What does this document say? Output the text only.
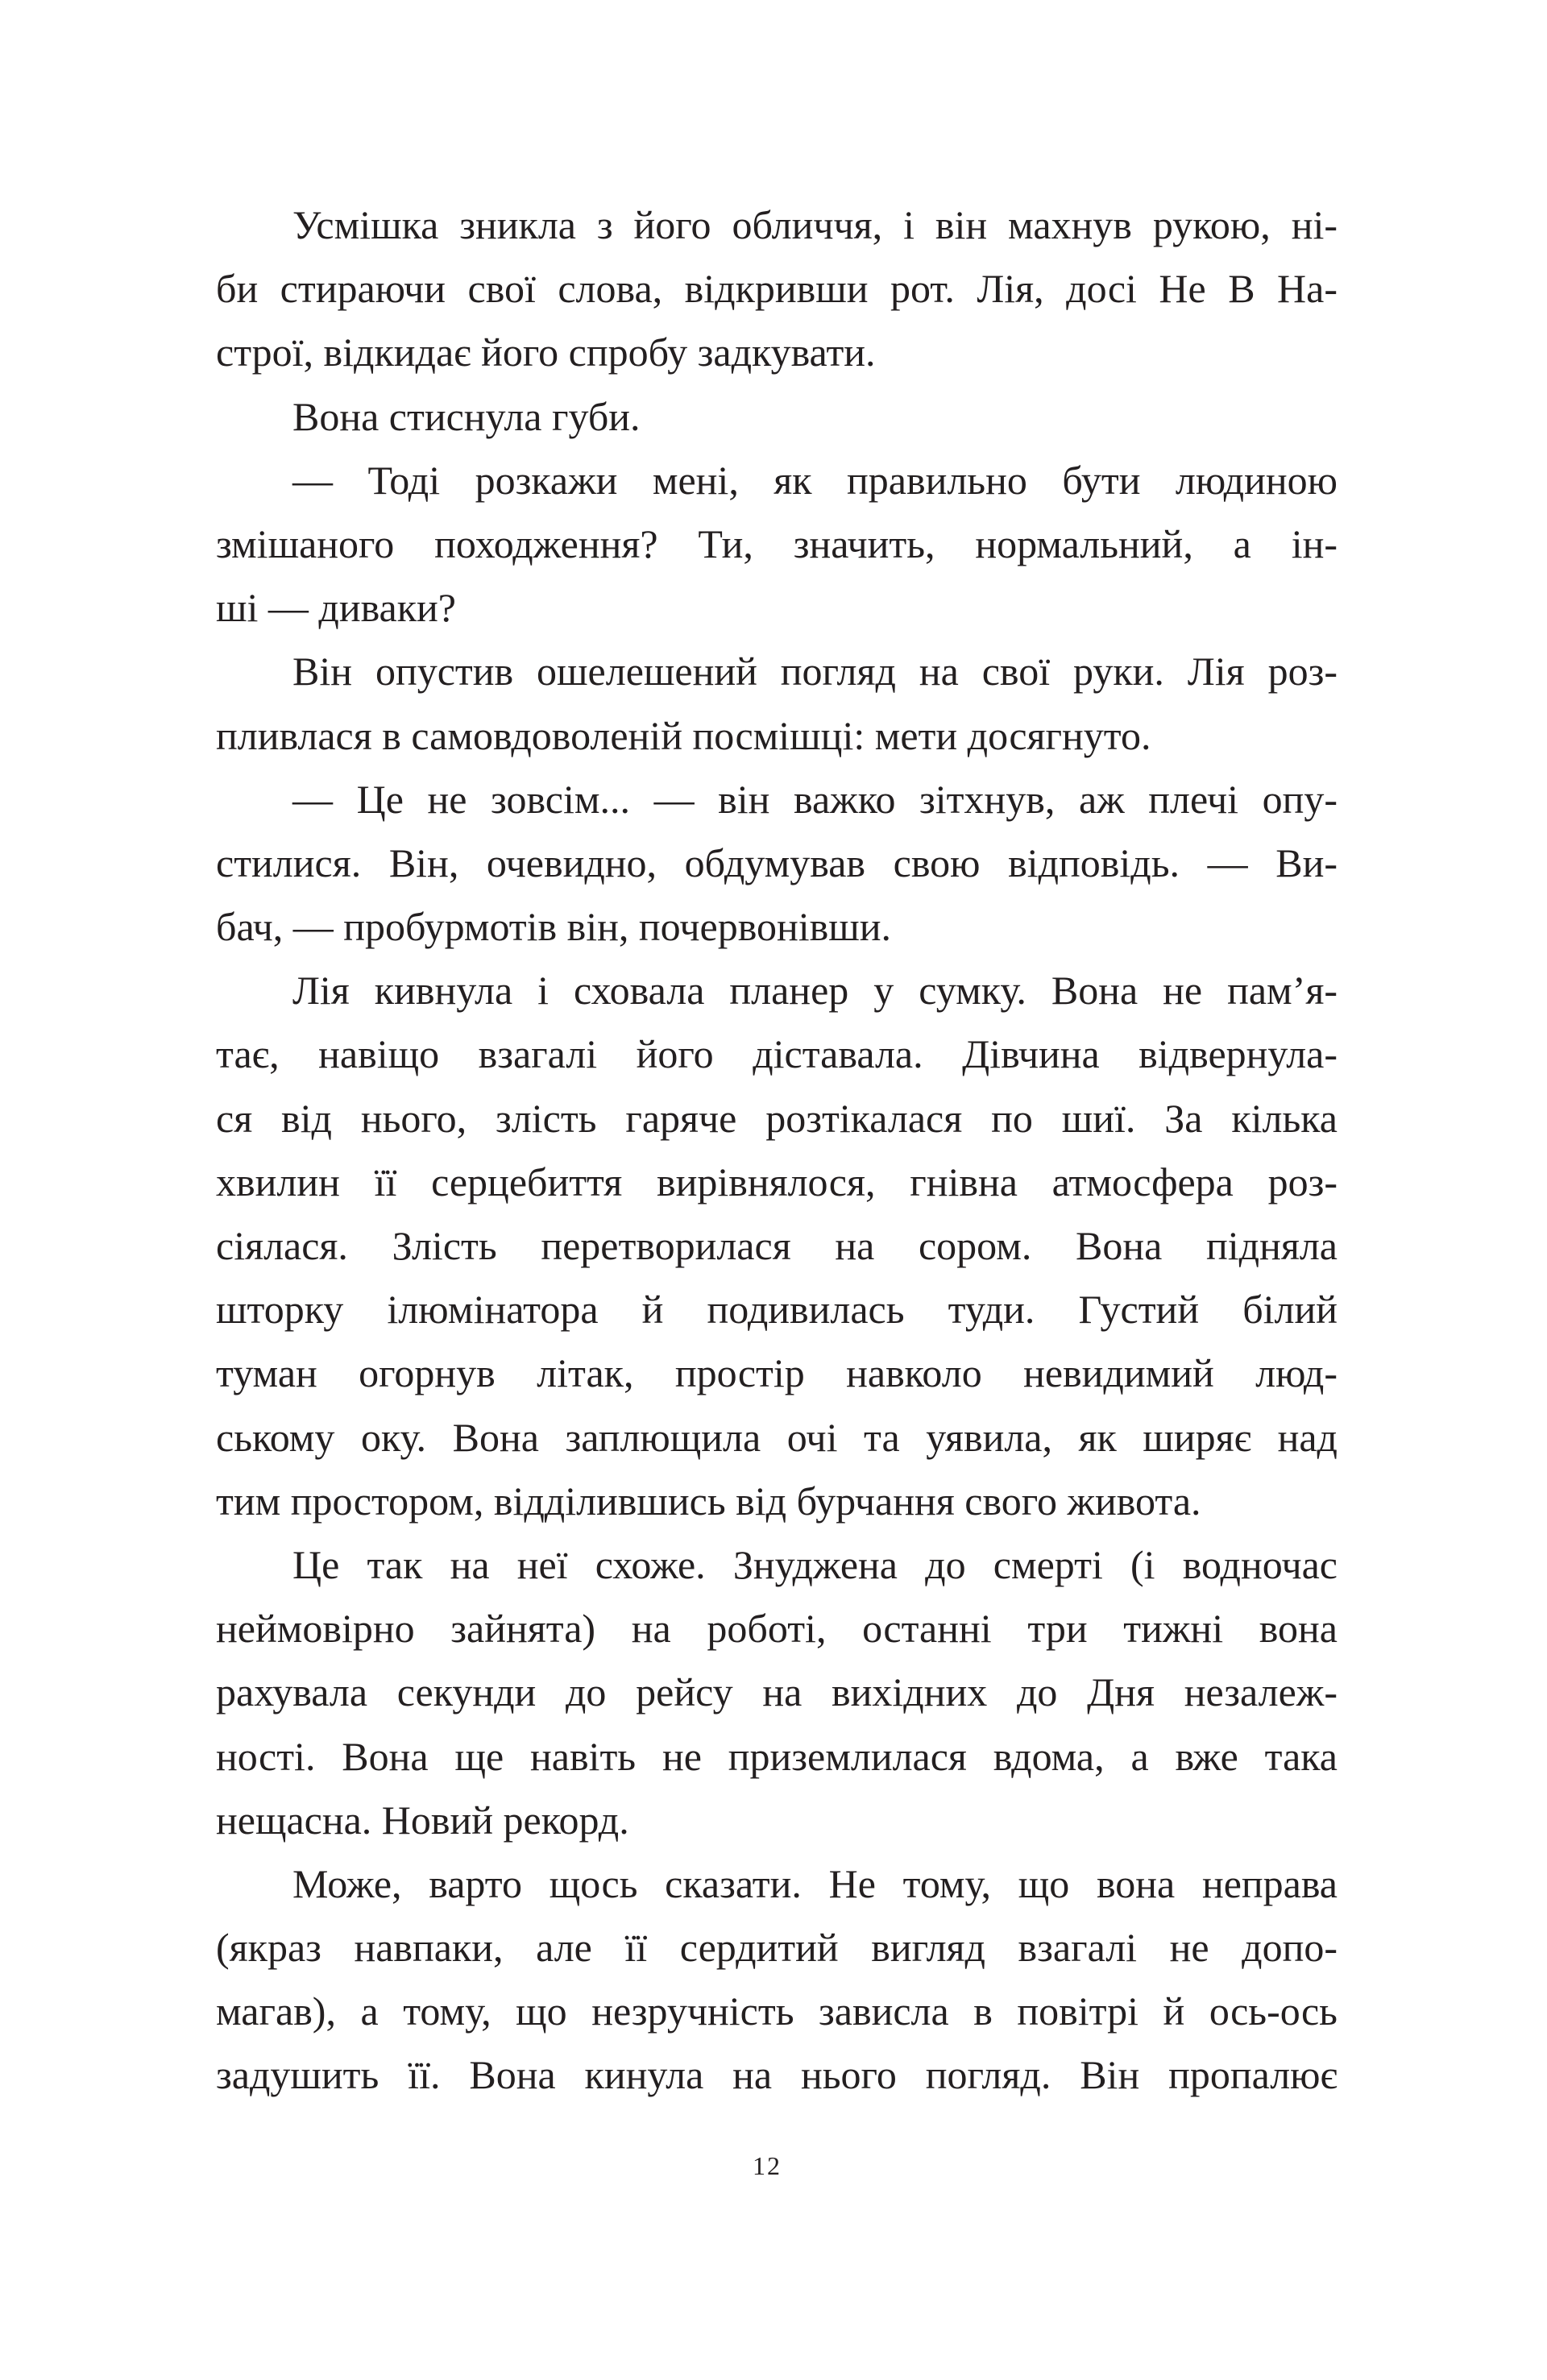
Усмішка зникла з його обличчя, і він махнув рукою, ні-
би стираючи свої слова, відкривши рот. Лія, досі Не В На-
строї, відкидає його спробу задкувати.
Вона стиснула губи.
— Тоді розкажи мені, як правильно бути людиною
змішаного походження? Ти, значить, нормальний, а ін-
ші — диваки?
Він опустив ошелешений погляд на свої руки. Лія роз-
пливлася в самовдоволеній посмішці: мети досягнуто.
— Це не зовсім... — він важко зітхнув, аж плечі опу-
стилися. Він, очевидно, обдумував свою відповідь. — Ви-
бач, — пробурмотів він, почервонівши.
Лія кивнула і сховала планер у сумку. Вона не пам’я-
тає, навіщо взагалі його діставала. Дівчина відвернула-
ся від нього, злість гаряче розтікалася по шиї. За кілька
хвилин її серцебиття вирівнялося, гнівна атмосфера роз-
сіялася. Злість перетворилася на сором. Вона підняла
шторку ілюмінатора й подивилась туди. Густий білий
туман огорнув літак, простір навколо невидимий люд-
ському оку. Вона заплющила очі та уявила, як ширяє над
тим простором, відділившись від бурчання свого живота.
Це так на неї схоже. Знуджена до смерті (і водночас
неймовірно зайнята) на роботі, останні три тижні вона
рахувала секунди до рейсу на вихідних до Дня незалеж-
ності. Вона ще навіть не приземлилася вдома, а вже така
нещасна. Новий рекорд.
Може, варто щось сказати. Не тому, що вона неправа
(якраз навпаки, але її сердитий вигляд взагалі не допо-
магав), а тому, що незручність зависла в повітрі й ось-ось
задушить її. Вона кинула на нього погляд. Він пропалює
12
